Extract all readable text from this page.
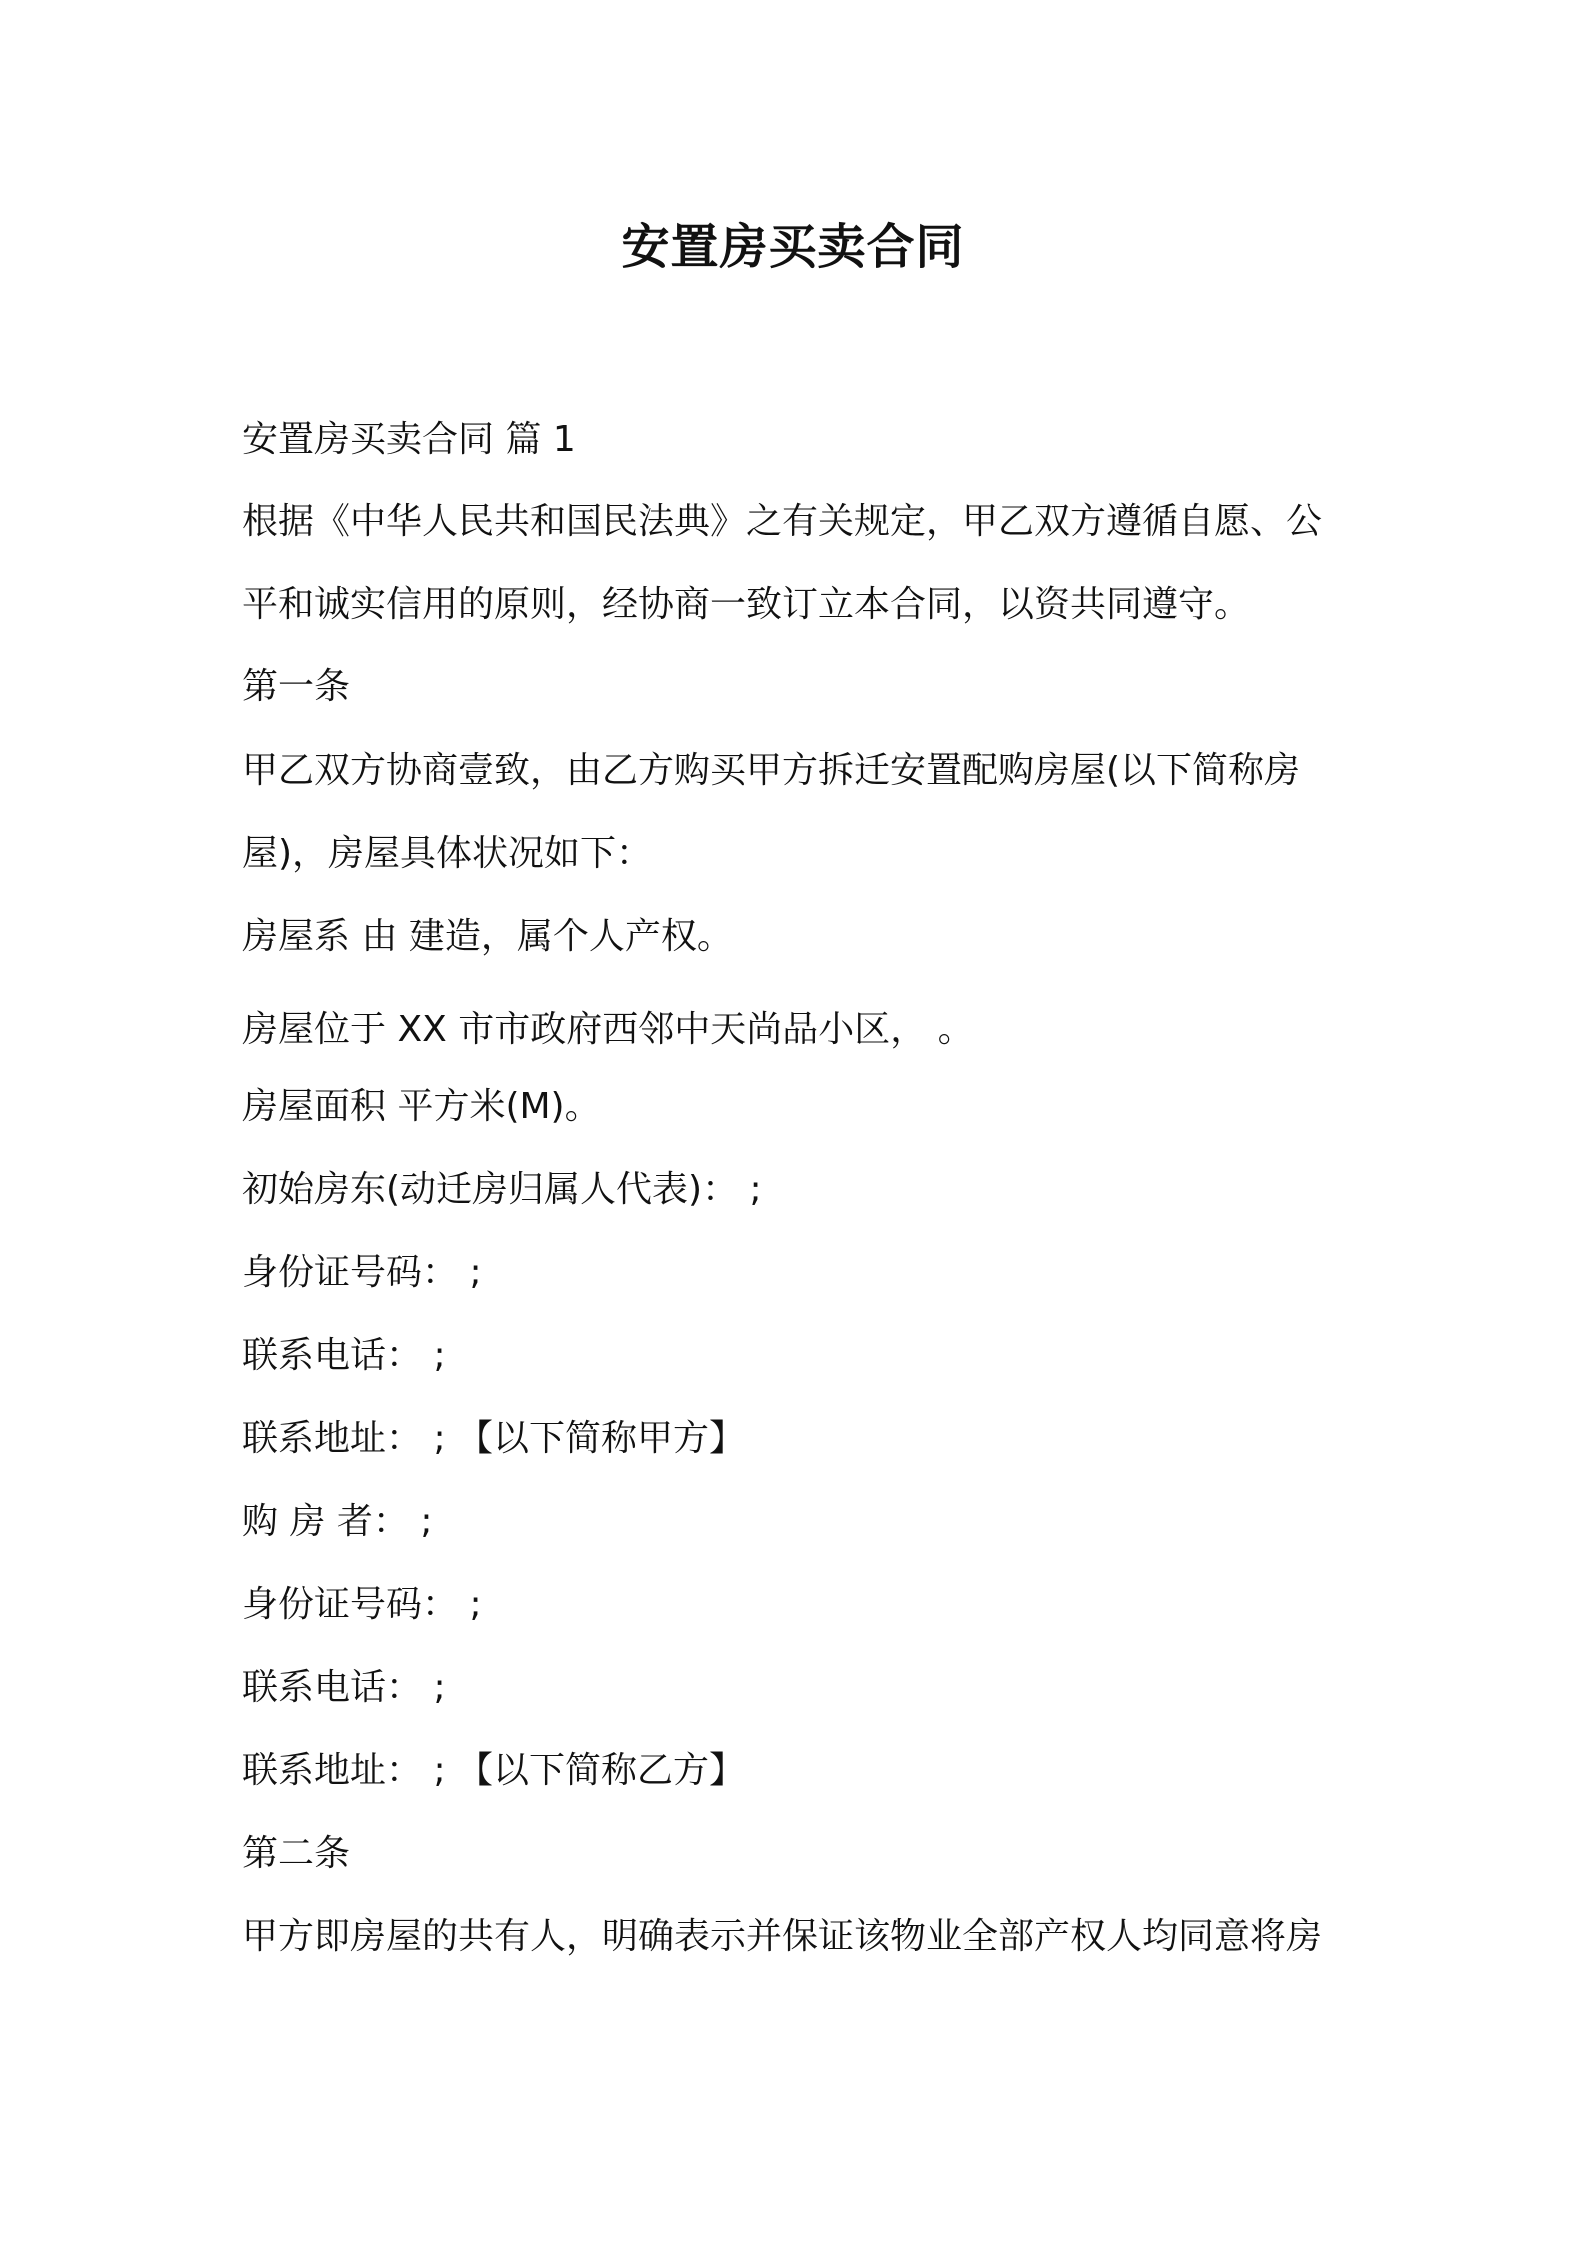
安置房买卖合同
安置房买卖合同 篇 1
根据《中华人民共和国民法典》之有关规定，甲乙双方遵循自愿、公
平和诚实信用的原则，经协商一致订立本合同，以资共同遵守。
第一条
甲乙双方协商壹致，由乙方购买甲方拆迁安置配购房屋(以下简称房
屋)，房屋具体状况如下：
房屋系 由 建造，属个人产权。
房屋位于 XX 市市政府西邻中天尚品小区， 。
房屋面积 平方米(M)。
初始房东(动迁房归属人代表)： ;
身份证号码： ;
联系电话： ;
联系地址： ; 【以下简称甲方】
购 房 者： ;
身份证号码： ;
联系电话： ;
联系地址： ; 【以下简称乙方】
第二条
甲方即房屋的共有人，明确表示并保证该物业全部产权人均同意将房
